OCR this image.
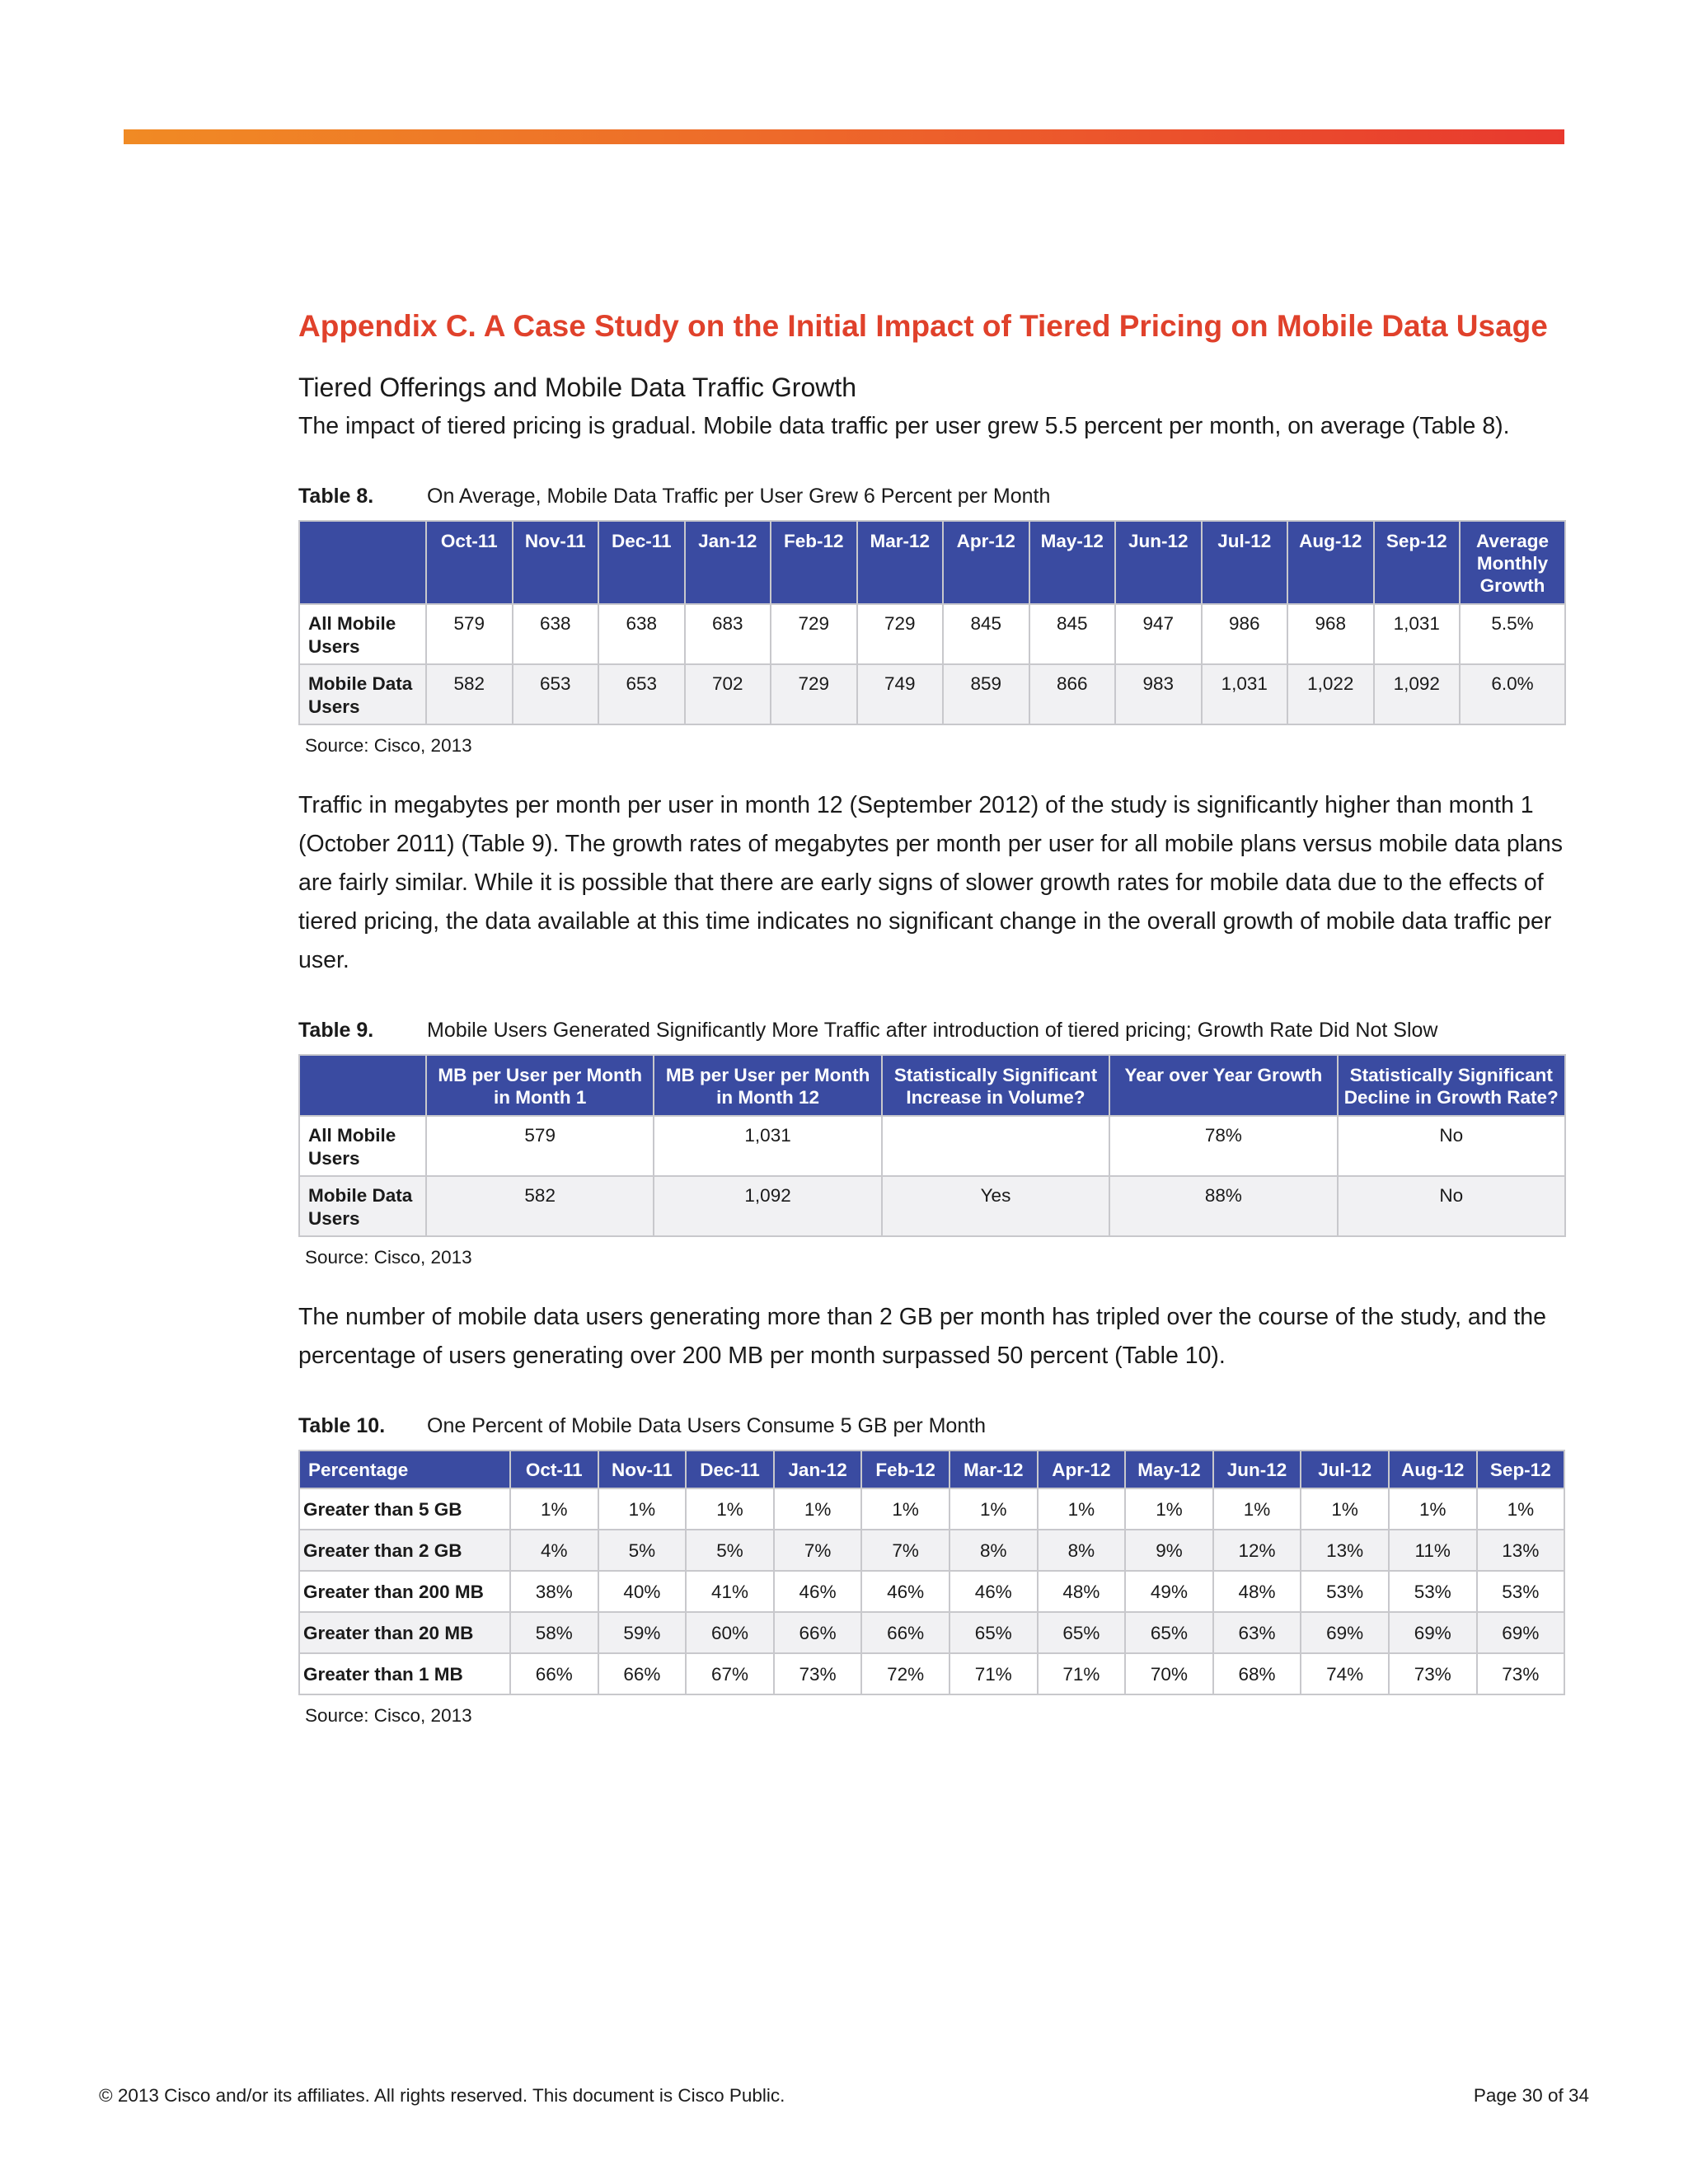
Appendix C. A Case Study on the Initial Impact of Tiered Pricing on Mobile Data Usage
Tiered Offerings and Mobile Data Traffic Growth

The impact of tiered pricing is gradual. Mobile data traffic per user grew 5.5 percent per month, on average (Table 8).

Table 8.	On Average, Mobile Data Traffic per User Grew 6 Percent per Month
	Oct-11	Nov-11	Dec-11	Jan-12	Feb-12	Mar-12	Apr-12	May-12	Jun-12	Jul-12	Aug-12	Sep-12	Average Monthly Growth
All Mobile Users	579	638	638	683	729	729	845	845	947	986	968	1,031	5.5%
Mobile Data Users	582	653	653	702	729	749	859	866	983	1,031	1,022	1,092	6.0%
Source: Cisco, 2013

Traffic in megabytes per month per user in month 12 (September 2012) of the study is significantly higher than month 1 (October 2011) (Table 9). The growth rates of megabytes per month per user for all mobile plans versus mobile data plans are fairly similar. While it is possible that there are early signs of slower growth rates for mobile data due to the effects of tiered pricing, the data available at this time indicates no significant change in the overall growth of mobile data traffic per user.

Table 9.	Mobile Users Generated Significantly More Traffic after introduction of tiered pricing; Growth Rate Did Not Slow
	MB per User per Month in Month 1	MB per User per Month in Month 12	Statistically Significant Increase in Volume?	Year over Year Growth	Statistically Significant Decline in Growth Rate?
All Mobile Users	579	1,031		78%	No
Mobile Data Users	582	1,092	Yes	88%	No
Source: Cisco, 2013

The number of mobile data users generating more than 2 GB per month has tripled over the course of the study, and the percentage of users generating over 200 MB per month surpassed 50 percent (Table 10).

Table 10.	One Percent of Mobile Data Users Consume 5 GB per Month
Percentage	Oct-11	Nov-11	Dec-11	Jan-12	Feb-12	Mar-12	Apr-12	May-12	Jun-12	Jul-12	Aug-12	Sep-12
Greater than 5 GB	1%	1%	1%	1%	1%	1%	1%	1%	1%	1%	1%	1%
Greater than 2 GB	4%	5%	5%	7%	7%	8%	8%	9%	12%	13%	11%	13%
Greater than 200 MB	38%	40%	41%	46%	46%	46%	48%	49%	48%	53%	53%	53%
Greater than 20 MB	58%	59%	60%	66%	66%	65%	65%	65%	63%	69%	69%	69%
Greater than 1 MB	66%	66%	67%	73%	72%	71%	71%	70%	68%	74%	73%	73%
Source: Cisco, 2013
© 2013 Cisco and/or its affiliates. All rights reserved. This document is Cisco Public.	Page 30 of 34
